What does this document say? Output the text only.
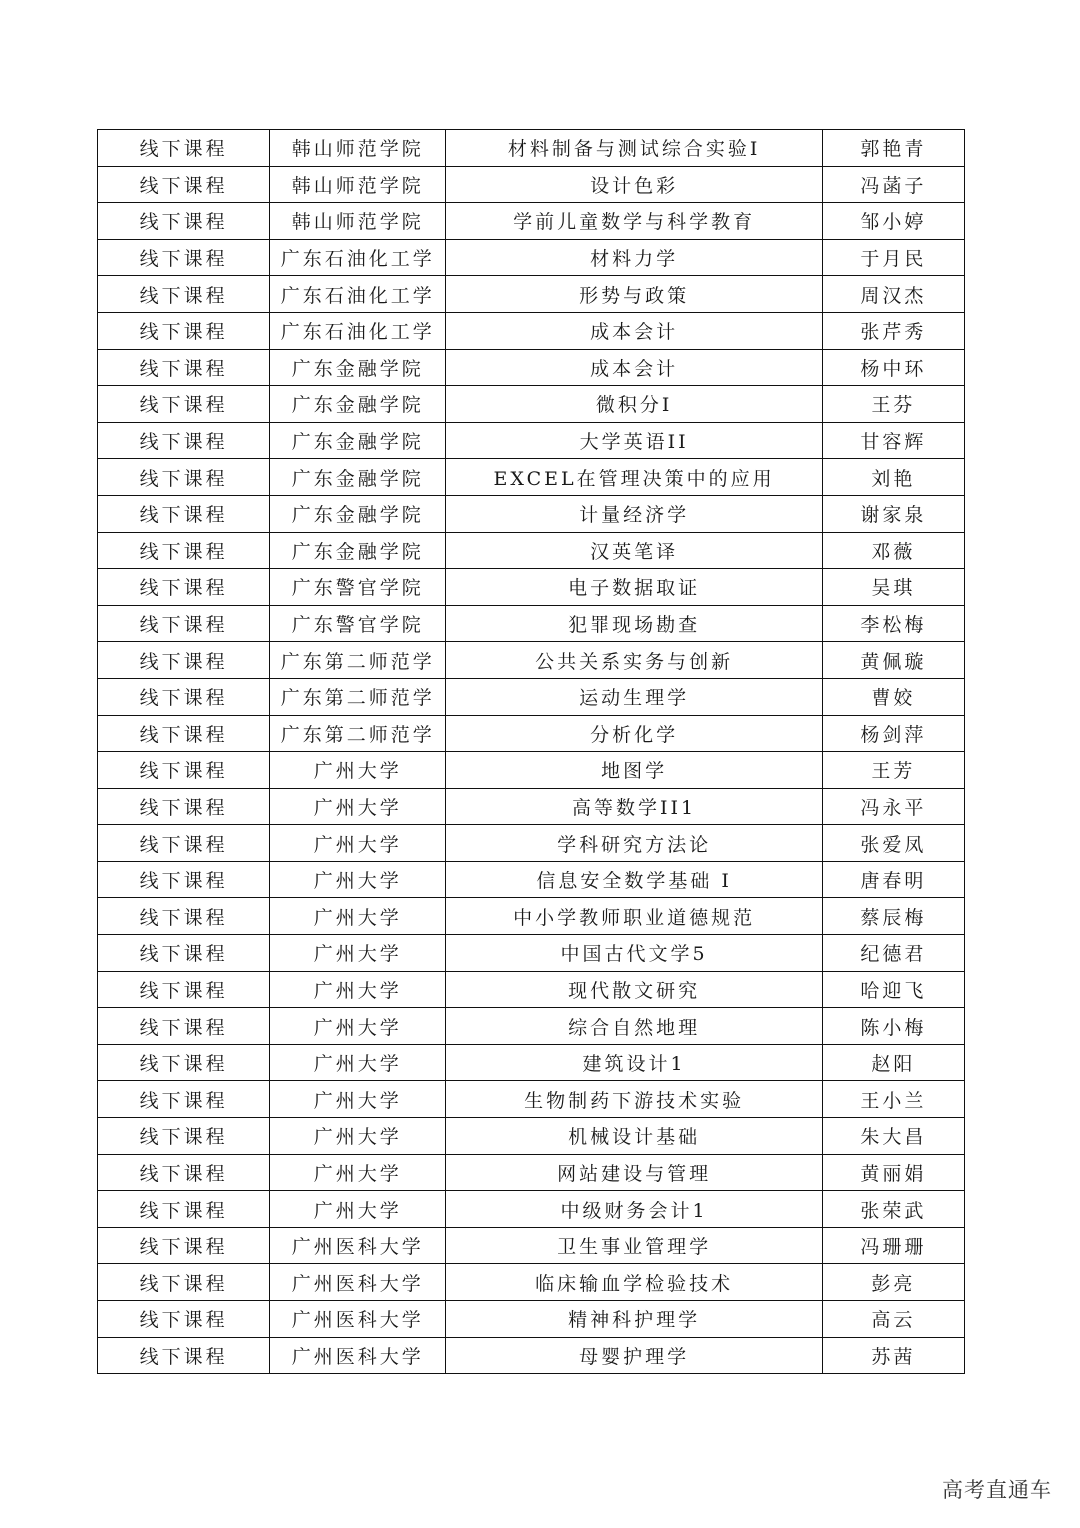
线下课程	韩山师范学院	材料制备与测试综合实验I	郭艳青
线下课程	韩山师范学院	设计色彩	冯菡子
线下课程	韩山师范学院	学前儿童数学与科学教育	邹小婷
线下课程	广东石油化工学	材料力学	于月民
线下课程	广东石油化工学	形势与政策	周汉杰
线下课程	广东石油化工学	成本会计	张芹秀
线下课程	广东金融学院	成本会计	杨中环
线下课程	广东金融学院	微积分I	王芬
线下课程	广东金融学院	大学英语II	甘容辉
线下课程	广东金融学院	EXCEL在管理决策中的应用	刘艳
线下课程	广东金融学院	计量经济学	谢家泉
线下课程	广东金融学院	汉英笔译	邓薇
线下课程	广东警官学院	电子数据取证	吴琪
线下课程	广东警官学院	犯罪现场勘查	李松梅
线下课程	广东第二师范学	公共关系实务与创新	黄佩璇
线下课程	广东第二师范学	运动生理学	曹姣
线下课程	广东第二师范学	分析化学	杨剑萍
线下课程	广州大学	地图学	王芳
线下课程	广州大学	高等数学II1	冯永平
线下课程	广州大学	学科研究方法论	张爱凤
线下课程	广州大学	信息安全数学基础 I	唐春明
线下课程	广州大学	中小学教师职业道德规范	蔡辰梅
线下课程	广州大学	中国古代文学5	纪德君
线下课程	广州大学	现代散文研究	哈迎飞
线下课程	广州大学	综合自然地理	陈小梅
线下课程	广州大学	建筑设计1	赵阳
线下课程	广州大学	生物制药下游技术实验	王小兰
线下课程	广州大学	机械设计基础	朱大昌
线下课程	广州大学	网站建设与管理	黄丽娟
线下课程	广州大学	中级财务会计1	张荣武
线下课程	广州医科大学	卫生事业管理学	冯珊珊
线下课程	广州医科大学	临床输血学检验技术	彭亮
线下课程	广州医科大学	精神科护理学	高云
线下课程	广州医科大学	母婴护理学	苏茜
高考直通车
